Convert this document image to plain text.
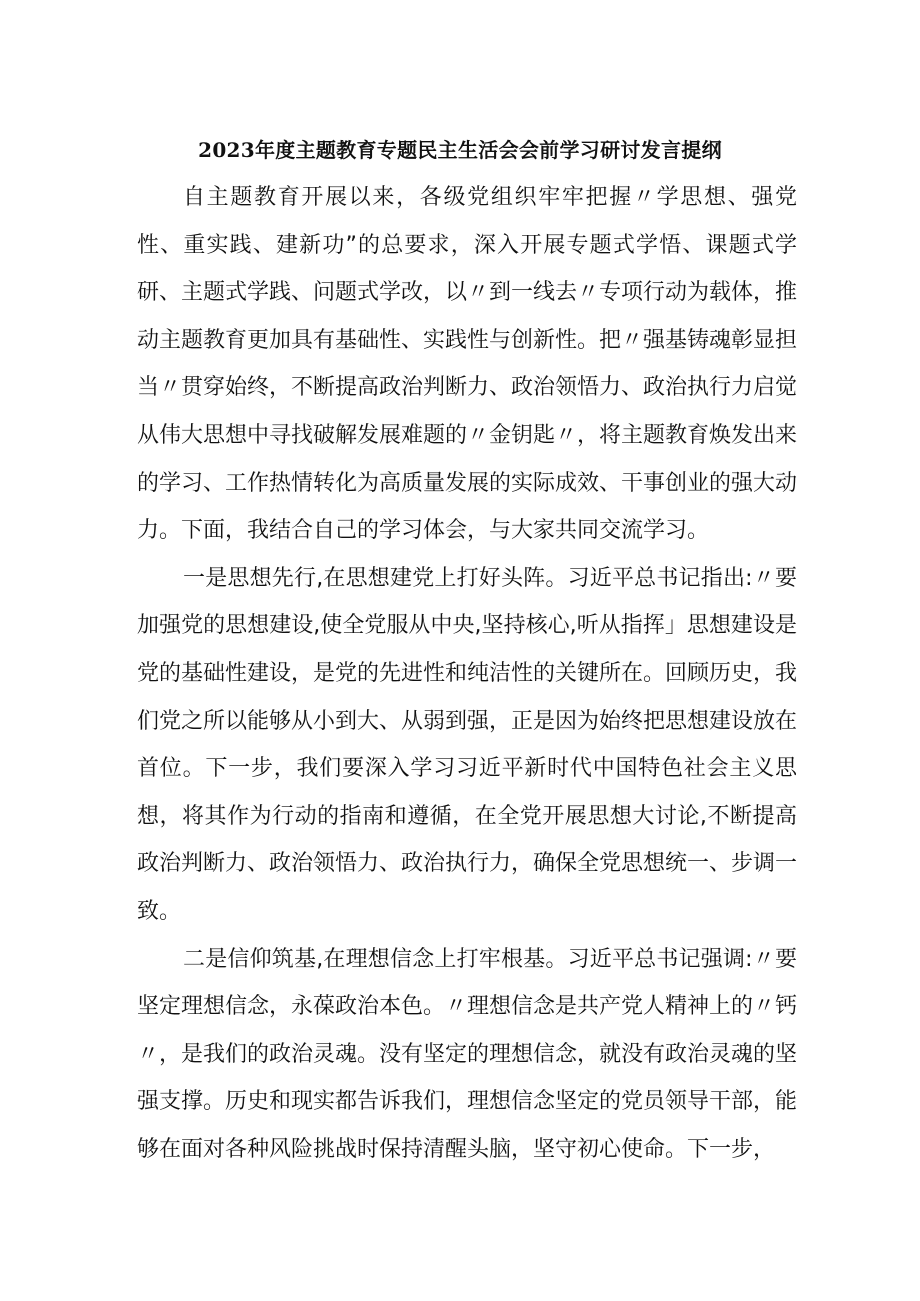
2023年度主题教育专题民主生活会会前学习研讨发言提纲

自主题教育开展以来，各级党组织牢牢把握〃学思想、强党性、重实践、建新功”的总要求，深入开展专题式学悟、课题式学研、主题式学践、问题式学改，以〃到一线去〃专项行动为载体，推动主题教育更加具有基础性、实践性与创新性。把〃强基铸魂彰显担当〃贯穿始终，不断提高政治判断力、政治领悟力、政治执行力启觉从伟大思想中寻找破解发展难题的〃金钥匙〃，将主题教育焕发出来的学习、工作热情转化为高质量发展的实际成效、干事创业的强大动力。下面，我结合自己的学习体会，与大家共同交流学习。

一是思想先行,在思想建党上打好头阵。习近平总书记指出:〃要加强党的思想建设,使全党服从中央,坚持核心,听从指挥」思想建设是党的基础性建设，是党的先进性和纯洁性的关键所在。回顾历史，我们党之所以能够从小到大、从弱到强，正是因为始终把思想建设放在首位。下一步，我们要深入学习习近平新时代中国特色社会主义思想，将其作为行动的指南和遵循，在全党开展思想大讨论,不断提高政治判断力、政治领悟力、政治执行力，确保全党思想统一、步调一致。

二是信仰筑基,在理想信念上打牢根基。习近平总书记强调:〃要坚定理想信念，永葆政治本色。〃理想信念是共产党人精神上的〃钙〃，是我们的政治灵魂。没有坚定的理想信念，就没有政治灵魂的坚强支撑。历史和现实都告诉我们，理想信念坚定的党员领导干部，能够在面对各种风险挑战时保持清醒头脑，坚守初心使命。下一步，
